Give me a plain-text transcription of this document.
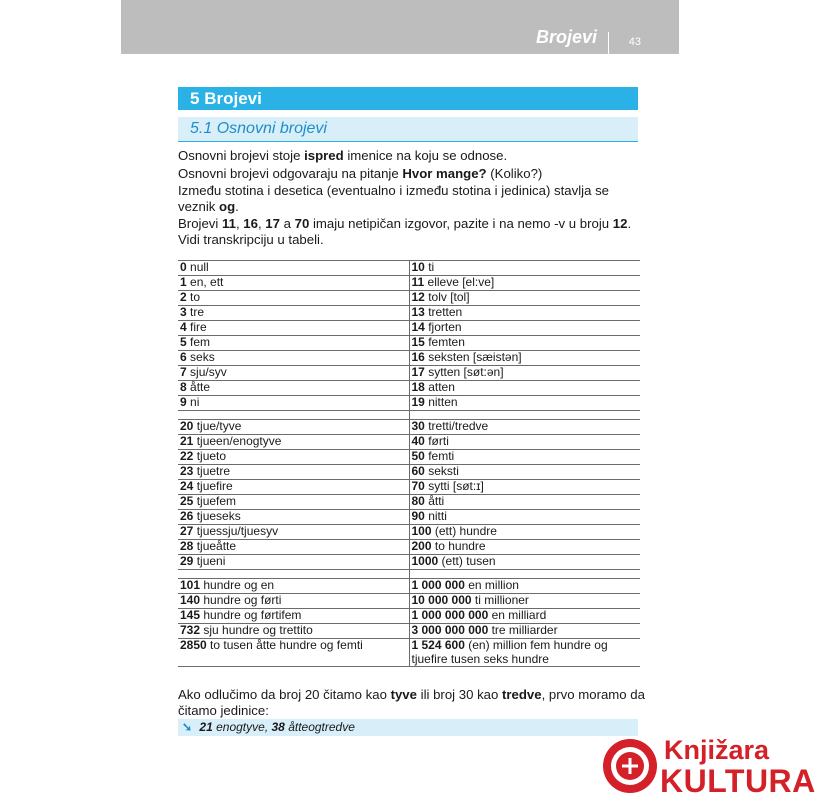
Brojevi	43
5 Brojevi
5.1 Osnovni brojevi

Osnovni brojevi stoje ispred imenice na koju se odnose.

Osnovni brojevi odgovaraju na pitanje Hvor mange? (Koliko?)

Između stotina i desetica (eventualno i između stotina i jedinica) stavlja se veznik og.

Brojevi 11, 16, 17 a 70 imaju netipičan izgovor, pazite i na nemo -v u broju 12. Vidi transkripciju u tabeli.

0 null	10 ti
1 en, ett	11 elleve [el:ve]
2 to	12 tolv [tol]
3 tre	13 tretten
4 fire	14 fjorten
5 fem	15 femten
6 seks	16 seksten [sæistən]
7 sju/syv	17 sytten [søt:ən]
8 åtte	18 atten
9 ni	19 nitten

20 tjue/tyve	30 tretti/tredve
21 tjueen/enogtyve	40 førti
22 tjueto	50 femti
23 tjuetre	60 seksti
24 tjuefire	70 sytti [søt:ɪ]
25 tjuefem	80 åtti
26 tjueseks	90 nitti
27 tjuessju/tjuesyv	100 (ett) hundre
28 tjueåtte	200 to hundre
29 tjueni	1000 (ett) tusen

101 hundre og en	1 000 000 en million
140 hundre og førti	10 000 000 ti millioner
145 hundre og førtifem	1 000 000 000 en milliard
732 sju hundre og trettito	3 000 000 000 tre milliarder
2850 to tusen åtte hundre og femti	1 524 600 (en) million fem hundre og tjuefire tusen seks hundre
Ako odlučimo da broj 20 čitamo kao tyve ili broj 30 kao tredve, prvo moramo da čitamo jedinice:
➘ 21 enogtyve, 38 åtteogtredve
Knjižara
KULTURA
